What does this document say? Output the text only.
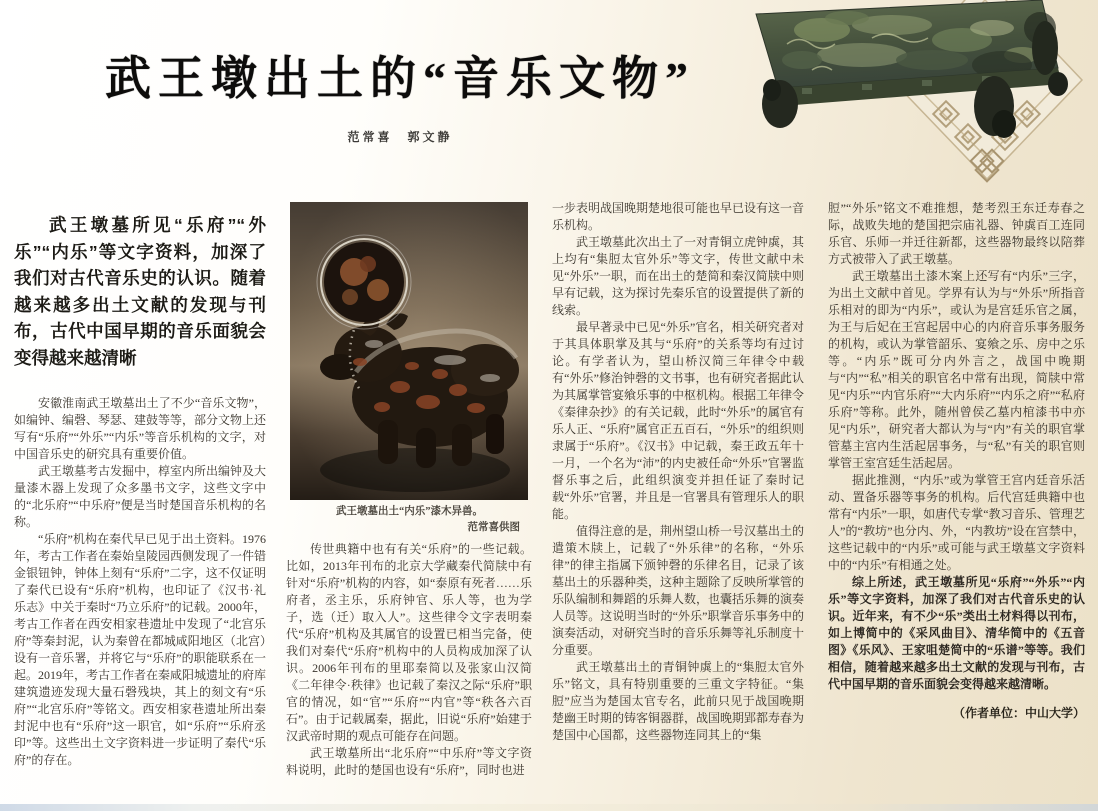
武王墩出土的“音乐文物”
范常喜　郭文静

武王墩墓所见“乐府”“外乐”“内乐”等文字资料，加深了我们对古代音乐史的认识。随着越来越多出土文献的发现与刊布，古代中国早期的音乐面貌会变得越来越清晰

安徽淮南武王墩墓出土了不少“音乐文物”，如编钟、编磬、琴瑟、建鼓等等，部分文物上还写有“乐府”“外乐”“内乐”等音乐机构的文字，对中国音乐史的研究具有重要价值。

武王墩墓考古发掘中，椁室内所出编钟及大量漆木器上发现了众多墨书文字，这些文字中的“北乐府”“中乐府”便是当时楚国音乐机构的名称。

“乐府”机构在秦代早已见于出土资料。1976年，考古工作者在秦始皇陵园西侧发现了一件错金银钮钟，钟体上刻有“乐府”二字，这不仅证明了秦代已设有“乐府”机构，也印证了《汉书·礼乐志》中关于秦时“乃立乐府”的记载。2000年，考古工作者在西安相家巷遗址中发现了“北宫乐府”等秦封泥，认为秦曾在都城咸阳地区（北宫）设有一音乐署，并将它与“乐府”的职能联系在一起。2019年，考古工作者在秦咸阳城遗址的府库建筑遗迹发现大量石磬残块，其上的刻文有“乐府”“北宫乐府”等铭文。西安相家巷遗址所出秦封泥中也有“乐府”这一职官，如“乐府”“乐府丞印”等。这些出土文字资料进一步证明了秦代“乐府”的存在。

武王墩墓出土“内乐”漆木异兽。
范常喜供图

传世典籍中也有有关“乐府”的一些记载。比如，2013年刊布的北京大学藏秦代简牍中有针对“乐府”机构的内容，如“泰原有死者……乐府者，丞主乐，乐府钟官、乐人等，也为学子，选（迁）取入人”。这些律令文字表明秦代“乐府”机构及其属官的设置已相当完备，使我们对秦代“乐府”机构中的人员构成加深了认识。2006年刊布的里耶秦简以及张家山汉简《二年律令·秩律》也记载了秦汉之际“乐府”职官的情况，如“官”“乐府”“内官”等“秩各六百石”。由于记载属秦，据此，旧说“乐府”始建于汉武帝时期的观点可能存在问题。

武王墩墓所出“北乐府”“中乐府”等文字资料说明，此时的楚国也设有“乐府”，同时也进

一步表明战国晚期楚地很可能也早已设有这一音乐机构。

武王墩墓此次出土了一对青铜立虎钟虡，其上均有“集脰太官外乐”等文字，传世文献中未见“外乐”一职，而在出土的楚简和秦汉简牍中则早有记载，这为探讨先秦乐官的设置提供了新的线索。

最早著录中已见“外乐”官名，相关研究者对于其具体职掌及其与“乐府”的关系等均有过讨论。有学者认为，望山桥汉简三年律令中载有“外乐”修治钟磬的文书事，也有研究者据此认为其属掌管宴飨乐事的中枢机构。根据工年律令《秦律杂抄》的有关记载，此时“外乐”的属官有乐人正、“乐府”属官正五百石，“外乐”的组织则隶属于“乐府”。《汉书》中记载，秦王政五年十一月，一个名为“沛”的内史被任命“外乐”官署监督乐事之后，此组织演变并担任证了秦时记载“外乐”官署，并且是一官署具有管理乐人的职能。

值得注意的是，荆州望山桥一号汉墓出土的遣策木牍上，记载了“外乐律”的名称，“外乐律”的律主指属下颁钟磬的乐律名目，记录了该墓出土的乐器种类，这种主题除了反映所掌管的乐队编制和舞蹈的乐舞人数，也囊括乐舞的演奏人员等。这说明当时的“外乐”职掌音乐事务中的演奏活动，对研究当时的音乐乐舞等礼乐制度十分重要。

武王墩墓出土的青铜钟虡上的“集脰太官外乐”铭文，具有特别重要的三重文字特征。“集脰”应当为楚国太官专名，此前只见于战国晚期楚幽王时期的铸客铜器群，战国晚期郢都寿春为楚国中心国都，这些器物连同其上的“集

脰”“外乐”铭文不难推想，楚考烈王东迁寿春之际，战败失地的楚国把宗庙礼器、钟虡百工连同乐官、乐师一并迁往新都，这些器物最终以陪葬方式被带入了武王墩墓。

武王墩墓出土漆木案上还写有“内乐”三字，为出土文献中首见。学界有认为与“外乐”所指音乐相对的即为“内乐”，或认为是宫廷乐官之属，为王与后妃在王宫起居中心的内府音乐事务服务的机构，或认为掌管韶乐、宴飨之乐、房中之乐等。“内乐”既可分内外言之，战国中晚期与“内”“私”相关的职官名中常有出现，简牍中常见“内乐”“内官乐府”“大内乐府”“内乐之府”“私府乐府”等称。此外，随州曾侯乙墓内棺漆书中亦见“内乐”，研究者大都认为与“内”有关的职官掌管墓主宫内生活起居事务，与“私”有关的职官则掌管王室宫廷生活起居。

据此推测，“内乐”或为掌管王宫内廷音乐活动、置备乐器等事务的机构。后代宫廷典籍中也常有“内乐”一职，如唐代专掌“教习音乐、管理艺人”的“教坊”也分内、外，“内教坊”设在宫禁中，这些记载中的“内乐”或可能与武王墩墓文字资料中的“内乐”有相通之处。

综上所述，武王墩墓所见“乐府”“外乐”“内乐”等文字资料，加深了我们对古代音乐史的认识。近年来，有不少“乐”类出土材料得以刊布，如上博简中的《采风曲目》、清华简中的《五音图》《乐风》、王家咀楚简中的“乐谱”等等。我们相信，随着越来越多出土文献的发现与刊布，古代中国早期的音乐面貌会变得越来越清晰。

（作者单位：中山大学）
